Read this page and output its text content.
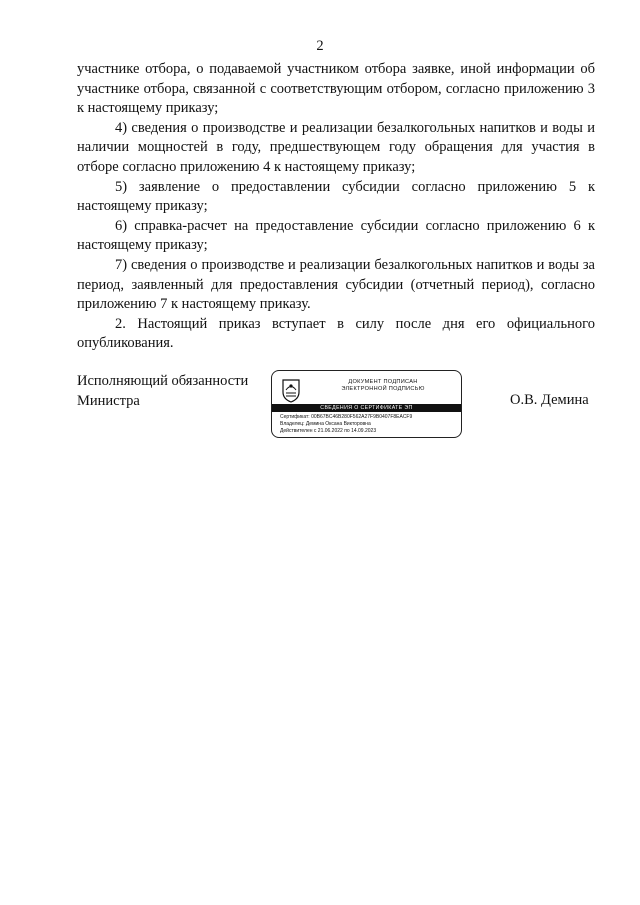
2

участнике отбора, о подаваемой участником отбора заявке, иной информации об участнике отбора, связанной с соответствующим отбором, согласно приложению 3 к настоящему приказу;

4) сведения о производстве и реализации безалкогольных напитков и воды и наличии мощностей в году, предшествующем году обращения для участия в отборе согласно приложению 4 к настоящему приказу;

5) заявление о предоставлении субсидии согласно приложению 5 к настоящему приказу;

6) справка-расчет на предоставление субсидии согласно приложению 6 к настоящему приказу;

7) сведения о производстве и реализации безалкогольных напитков и воды за период, заявленный для предоставления субсидии (отчетный период), согласно приложению 7 к настоящему приказу.

2. Настоящий приказ вступает в силу после дня его официального опубликования.

Исполняющий обязанности
Министра
ДОКУМЕНТ ПОДПИСАН
ЭЛЕКТРОННОЙ ПОДПИСЬЮ
СВЕДЕНИЯ О СЕРТИФИКАТЕ ЭП
Сертификат: 00B67BC46B280F562A27F9B0407F8EACF9
Владелец: Демина Оксана Викторовна
Действителен с 21.06.2022 по 14.09.2023
О.В. Демина
